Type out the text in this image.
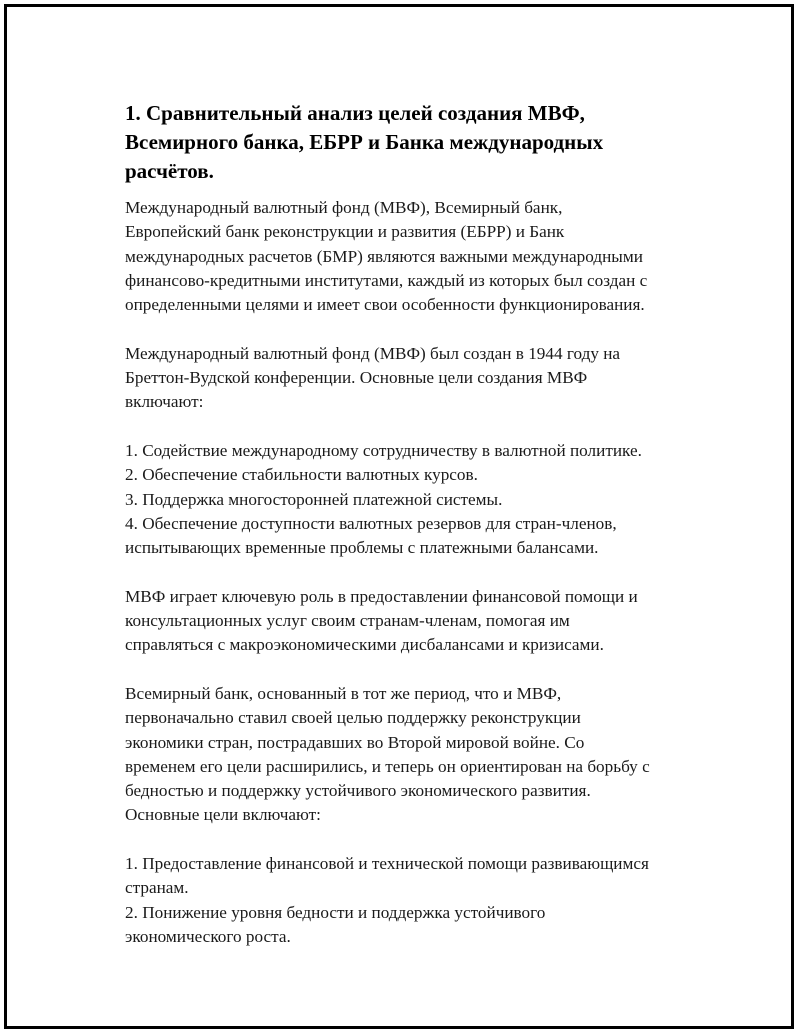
1. Сравнительный анализ целей создания МВФ,
Всемирного банка, ЕБРР и Банка международных
расчётов.

Международный валютный фонд (МВФ), Всемирный банк,
Европейский банк реконструкции и развития (ЕБРР) и Банк
международных расчетов (БМР) являются важными международными
финансово-кредитными институтами, каждый из которых был создан с
определенными целями и имеет свои особенности функционирования.

Международный валютный фонд (МВФ) был создан в 1944 году на
Бреттон-Вудской конференции. Основные цели создания МВФ
включают:

1. Содействие международному сотрудничеству в валютной политике.
2. Обеспечение стабильности валютных курсов.
3. Поддержка многосторонней платежной системы.
4. Обеспечение доступности валютных резервов для стран-членов,
испытывающих временные проблемы с платежными балансами.

МВФ играет ключевую роль в предоставлении финансовой помощи и
консультационных услуг своим странам-членам, помогая им
справляться с макроэкономическими дисбалансами и кризисами.

Всемирный банк, основанный в тот же период, что и МВФ,
первоначально ставил своей целью поддержку реконструкции
экономики стран, пострадавших во Второй мировой войне. Со
временем его цели расширились, и теперь он ориентирован на борьбу с
бедностью и поддержку устойчивого экономического развития.
Основные цели включают:

1. Предоставление финансовой и технической помощи развивающимся
странам.
2. Понижение уровня бедности и поддержка устойчивого
экономического роста.
